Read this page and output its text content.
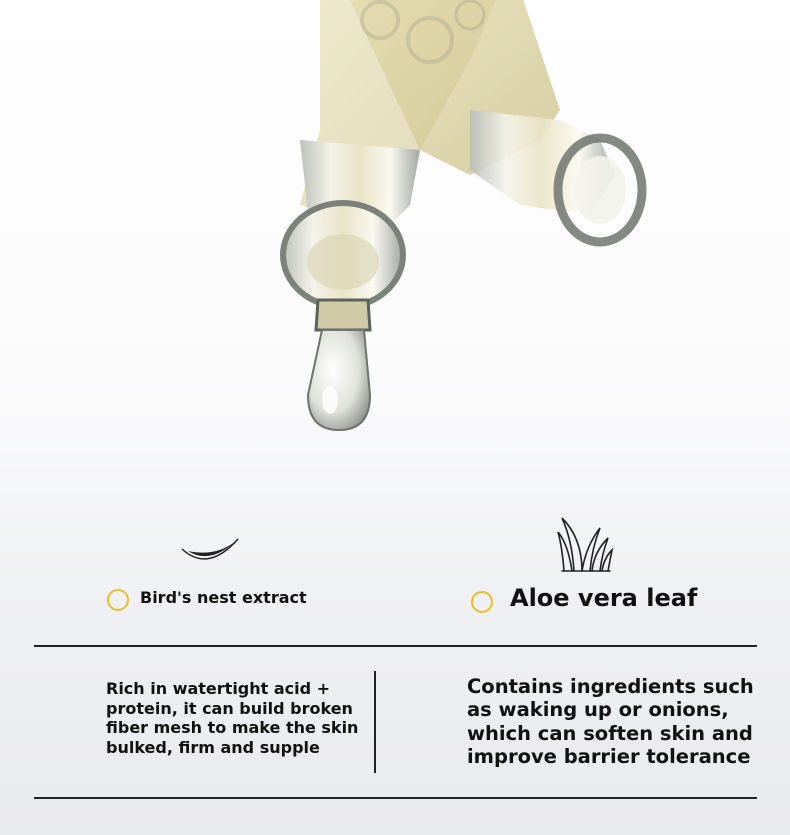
Bird's nest extract	Aloe vera leaf
Rich in watertight acid + protein, it can build broken fiber mesh to make the skin bulked, firm and supple
Contains ingredients such as waking up or onions, which can soften skin and improve barrier tolerance
